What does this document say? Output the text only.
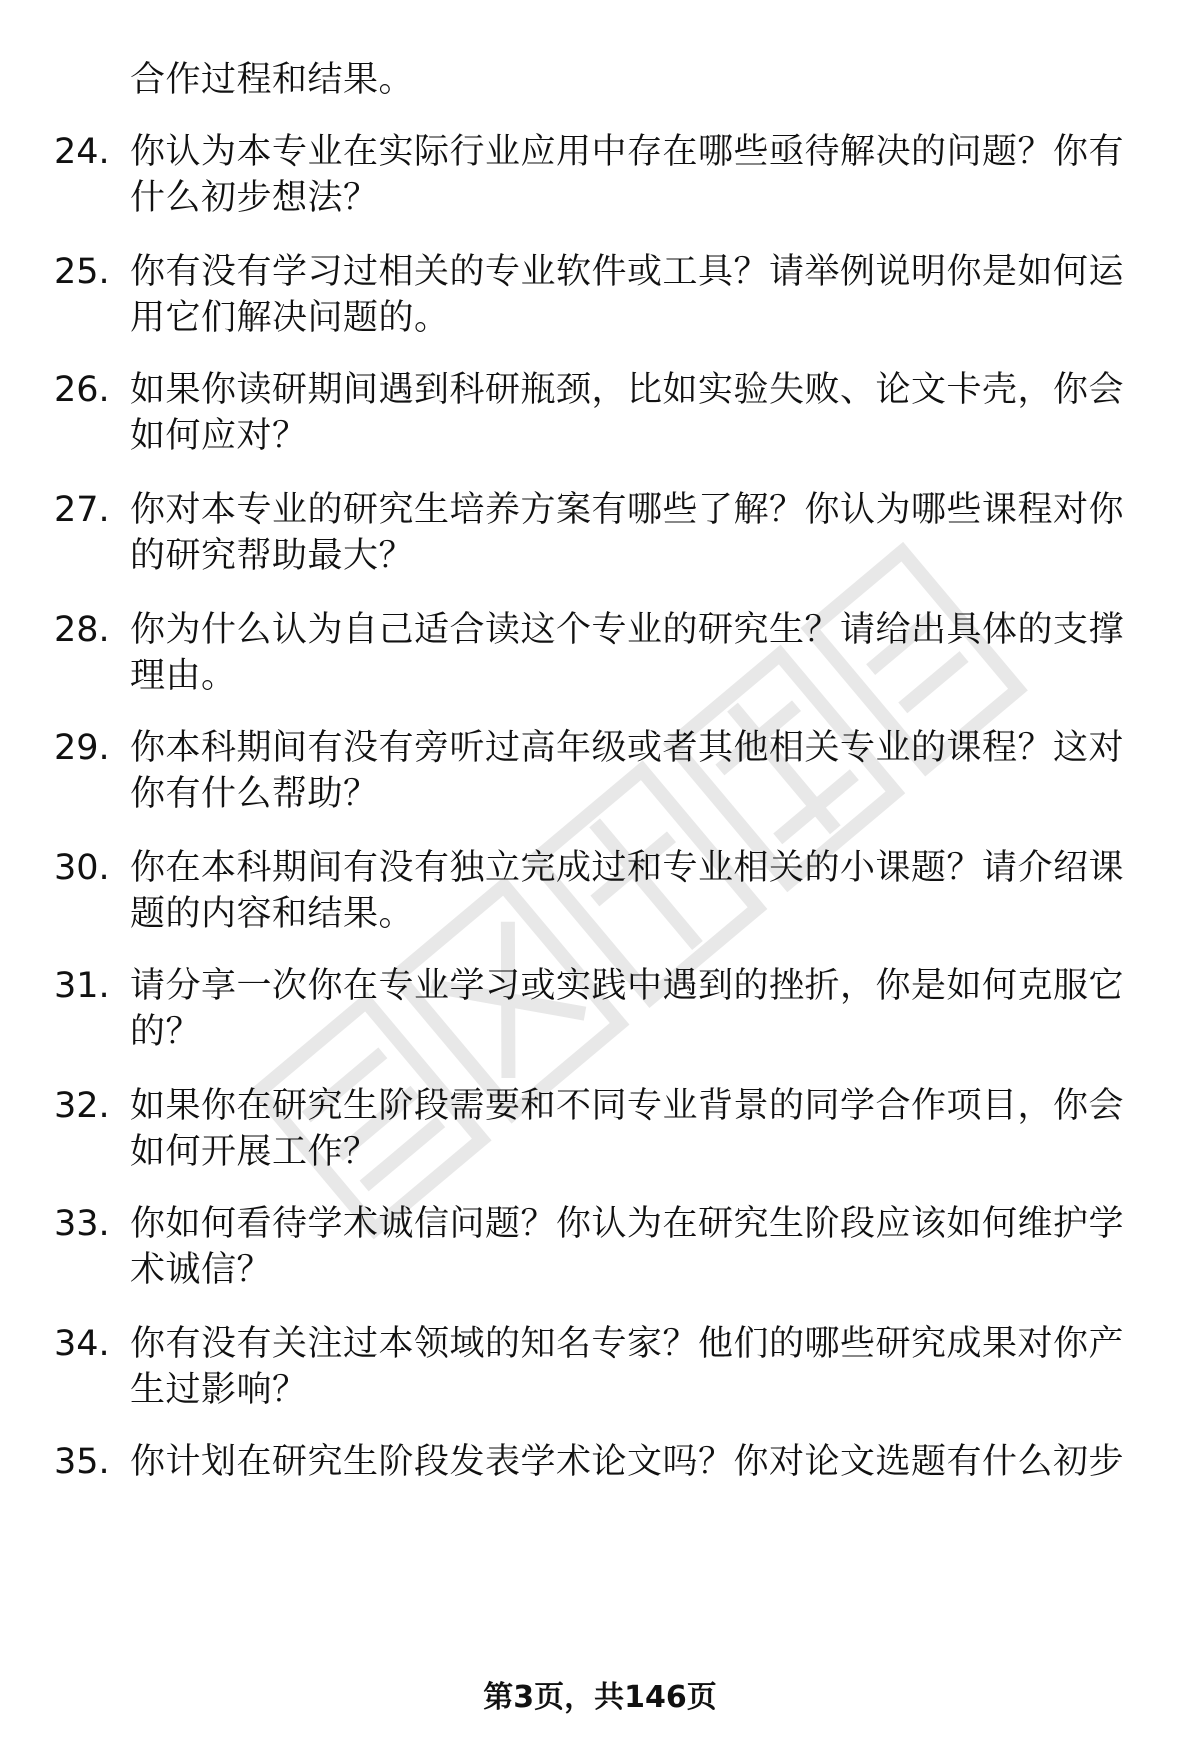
合作过程和结果。
24. 你认为本专业在实际行业应用中存在哪些亟待解决的问题？你有
什么初步想法？
25. 你有没有学习过相关的专业软件或工具？请举例说明你是如何运
用它们解决问题的。
26. 如果你读研期间遇到科研瓶颈，比如实验失败、论文卡壳，你会
如何应对？
27. 你对本专业的研究生培养方案有哪些了解？你认为哪些课程对你
的研究帮助最大？
28. 你为什么认为自己适合读这个专业的研究生？请给出具体的支撑
理由。
29. 你本科期间有没有旁听过高年级或者其他相关专业的课程？这对
你有什么帮助？
30. 你在本科期间有没有独立完成过和专业相关的小课题？请介绍课
题的内容和结果。
31. 请分享一次你在专业学习或实践中遇到的挫折，你是如何克服它
的？
32. 如果你在研究生阶段需要和不同专业背景的同学合作项目，你会
如何开展工作？
33. 你如何看待学术诚信问题？你认为在研究生阶段应该如何维护学
术诚信？
34. 你有没有关注过本领域的知名专家？他们的哪些研究成果对你产
生过影响？
35. 你计划在研究生阶段发表学术论文吗？你对论文选题有什么初步
第3页，共146页
